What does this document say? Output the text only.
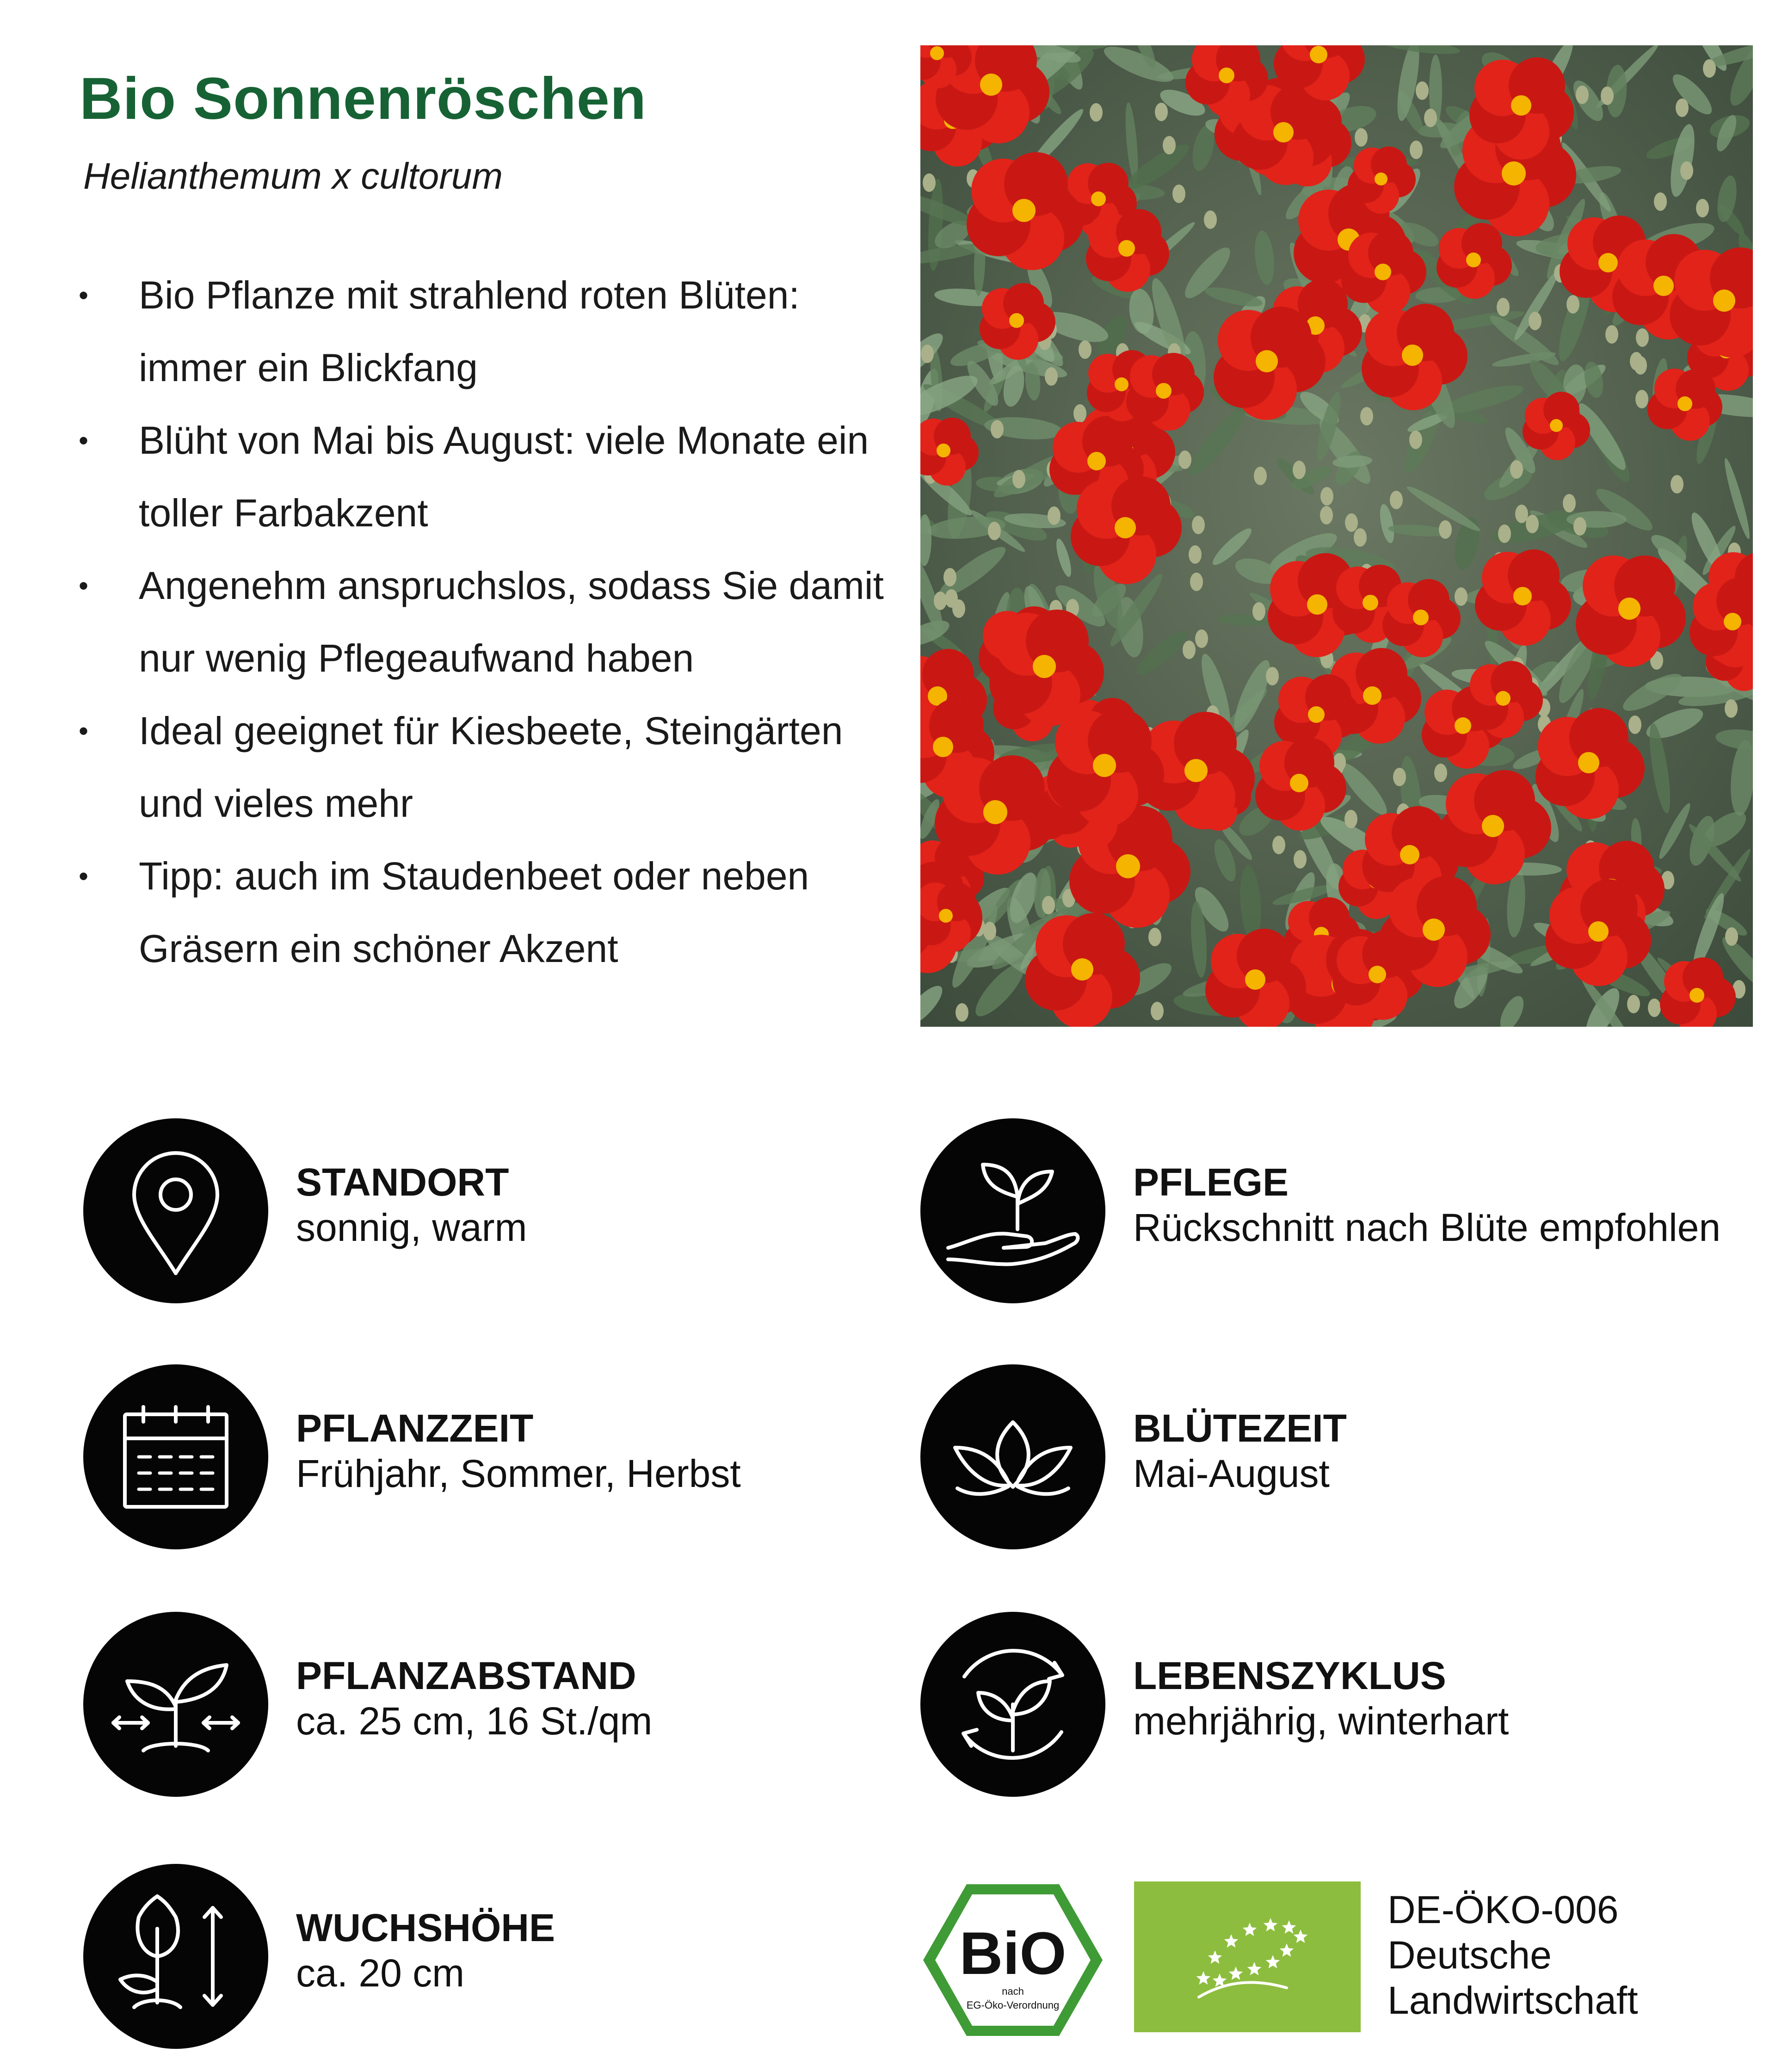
Bio Sonnenröschen
Helianthemum x cultorum
• Bio Pflanze mit strahlend roten Blüten: immer ein Blickfang
• Blüht von Mai bis August: viele Monate ein toller Farbakzent
• Angenehm anspruchslos, sodass Sie damit nur wenig Pflegeaufwand haben
• Ideal geeignet für Kiesbeete, Steingärten und vieles mehr
• Tipp: auch im Staudenbeet oder neben Gräsern ein schöner Akzent
STANDORT
sonnig, warm
PFLEGE
Rückschnitt nach Blüte empfohlen
PFLANZZEIT
Frühjahr, Sommer, Herbst
BLÜTEZEIT
Mai-August
PFLANZABSTAND
ca. 25 cm, 16 St./qm
LEBENSZYKLUS
mehrjährig, winterhart
WUCHSHÖHE
ca. 20 cm	BiO
nach
EG-Öko-Verordnung
DE-ÖKO-006
Deutsche
Landwirtschaft
